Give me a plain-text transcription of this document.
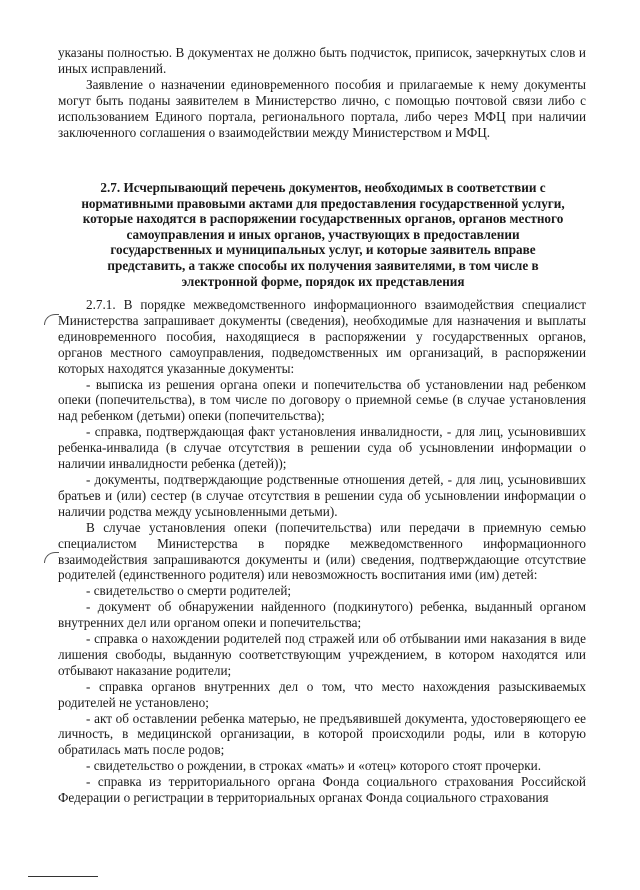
указаны полностью. В документах не должно быть подчисток, приписок, зачеркнутых слов и иных исправлений.

Заявление о назначении единовременного пособия и прилагаемые к нему документы могут быть поданы заявителем в Министерство лично, с помощью почтовой связи либо с использованием Единого портала, регионального портала, либо через МФЦ при наличии заключенного соглашения о взаимодействии между Министерством и МФЦ.

2.7. Исчерпывающий перечень документов, необходимых в соответствии с нормативными правовыми актами для предоставления государственной услуги, которые находятся в распоряжении государственных органов, органов местного самоуправления и иных органов, участвующих в предоставлении государственных и муниципальных услуг, и которые заявитель вправе представить, а также способы их получения заявителями, в том числе в электронной форме, порядок их представления

2.7.1. В порядке межведомственного информационного взаимодействия специалист Министерства запрашивает документы (сведения), необходимые для назначения и выплаты единовременного пособия, находящиеся в распоряжении у государственных органов, органов местного самоуправления, подведомственных им организаций, в распоряжении которых находятся указанные документы:

- выписка из решения органа опеки и попечительства об установлении над ребенком опеки (попечительства), в том числе по договору о приемной семье (в случае установления над ребенком (детьми) опеки (попечительства);

- справка, подтверждающая факт установления инвалидности, - для лиц, усыновивших ребенка-инвалида (в случае отсутствия в решении суда об усыновлении информации о наличии инвалидности ребенка (детей));

- документы, подтверждающие родственные отношения детей, - для лиц, усыновивших братьев и (или) сестер (в случае отсутствия в решении суда об усыновлении информации о наличии родства между усыновленными детьми).

В случае установления опеки (попечительства) или передачи в приемную семью специалистом Министерства в порядке межведомственного информационного взаимодействия запрашиваются документы и (или) сведения, подтверждающие отсутствие родителей (единственного родителя) или невозможность воспитания ими (им) детей:

- свидетельство о смерти родителей;

- документ об обнаружении найденного (подкинутого) ребенка, выданный органом внутренних дел или органом опеки и попечительства;

- справка о нахождении родителей под стражей или об отбывании ими наказания в виде лишения свободы, выданную соответствующим учреждением, в котором находятся или отбывают наказание родители;

- справка органов внутренних дел о том, что место нахождения разыскиваемых родителей не установлено;

- акт об оставлении ребенка матерью, не предъявившей документа, удостоверяющего ее личность, в медицинской организации, в которой происходили роды, или в которую обратилась мать после родов;

- свидетельство о рождении, в строках «мать» и «отец» которого стоят прочерки.

- справка из территориального органа Фонда социального страхования Российской Федерации о регистрации в территориальных органах Фонда социального страхования
